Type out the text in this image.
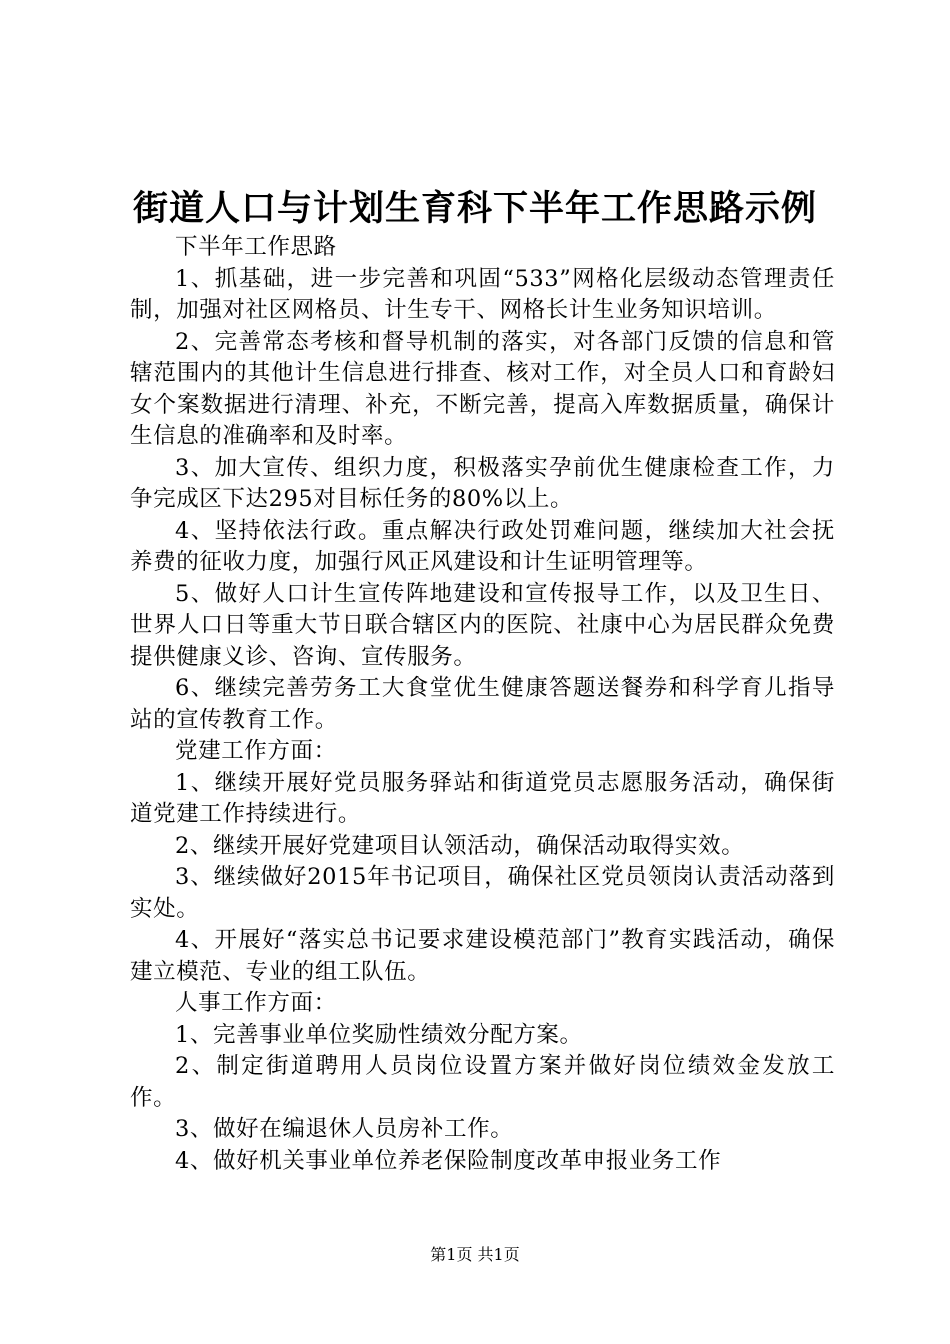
街道人口与计划生育科下半年工作思路示例

下半年工作思路

1、抓基础，进一步完善和巩固“533”网格化层级动态管理责任制，加强对社区网格员、计生专干、网格长计生业务知识培训。

2、完善常态考核和督导机制的落实，对各部门反馈的信息和管辖范围内的其他计生信息进行排查、核对工作，对全员人口和育龄妇女个案数据进行清理、补充，不断完善，提高入库数据质量，确保计生信息的准确率和及时率。

3、加大宣传、组织力度，积极落实孕前优生健康检查工作，力争完成区下达295对目标任务的80%以上。

4、坚持依法行政。重点解决行政处罚难问题，继续加大社会抚养费的征收力度，加强行风正风建设和计生证明管理等。

5、做好人口计生宣传阵地建设和宣传报导工作，以及卫生日、世界人口日等重大节日联合辖区内的医院、社康中心为居民群众免费提供健康义诊、咨询、宣传服务。

6、继续完善劳务工大食堂优生健康答题送餐券和科学育儿指导站的宣传教育工作。

党建工作方面：

1、继续开展好党员服务驿站和街道党员志愿服务活动，确保街道党建工作持续进行。

2、继续开展好党建项目认领活动，确保活动取得实效。

3、继续做好2015年书记项目，确保社区党员领岗认责活动落到实处。

4、开展好“落实总书记要求建设模范部门”教育实践活动，确保建立模范、专业的组工队伍。

人事工作方面：

1、完善事业单位奖励性绩效分配方案。

2、制定街道聘用人员岗位设置方案并做好岗位绩效金发放工作。

3、做好在编退休人员房补工作。

4、做好机关事业单位养老保险制度改革申报业务工作

第1页 共1页
